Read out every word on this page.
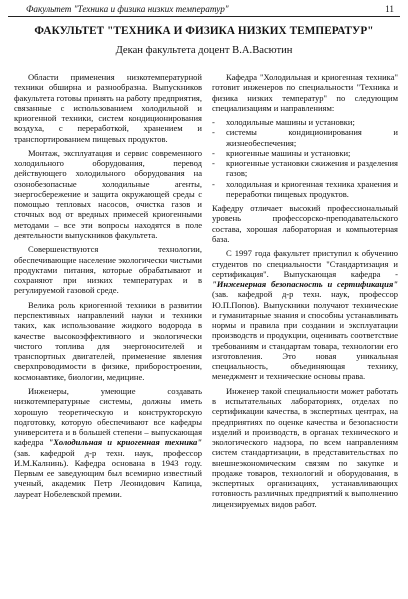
Факультет "Техника и физика низких температур"	11
ФАКУЛЬТЕТ "ТЕХНИКА И ФИЗИКА НИЗКИХ ТЕМПЕРАТУР"
Декан факультета доцент В.А.Васютин

Области применения низкотемпературной техники обширна и разнообразна. Выпускников факультета готовы принять на работу предприятия, связанные с использованием холодильной и криогенной техники, систем кондиционирования воздуха, с переработкой, хранением и транспортированием пищевых продуктов.

Монтаж, эксплуатация и сервис современного холодильного оборудования, перевод действующего холодильного оборудования на озонобезопасные холодильные агенты, энергосбережение и защита окружающей среды с помощью тепловых насосов, очистка газов и сточных вод от вредных примесей криогенными методами – все эти вопросы находятся в поле деятельности выпускников факультета.

Совершенствуются технологии, обеспечивающие население экологически чистыми продуктами питания, которые обрабатывают и сохраняют при низких температурах и в регулируемой газовой среде.

Велика роль криогенной техники в развитии перспективных направлений науки и техники таких, как использование жидкого водорода в качестве высокоэффективного и экологически чистого топлива для энергоносителей и транспортных двигателей, применение явления сверхпроводимости в физике, приборостроении, космонавтике, биологии, медицине.

Инженеры, умеющие создавать низкотемпературные системы, должны иметь хорошую теоретическую и конструкторскую подготовку, которую обеспечивают все кафедры университета и в большей степени – выпускающая кафедра "Холодильная и криогенная техника" (зав. кафедрой д-р техн. наук, профессор И.М.Калнинь). Кафедра основана в 1943 году. Первым ее заведующим был всемирно известный ученый, академик Петр Леонидович Капица, лауреат Нобелевской премии.

Кафедра "Холодильная и криогенная техника" готовит инженеров по специальности "Техника и физика низких температур" по следующим специализациям и направлениям:

- холодильные машины и установки;
- системы кондиционирования и жизнеобеспечения;
- криогенные машины и установки;
- криогенные установки сжижения и разделения газов;
- холодильная и криогенная техника хранения и переработки пищевых продуктов.

Кафедру отличает высокий профессиональный уровень профессорско-преподавательского состава, хорошая лабораторная и компьютерная база.

С 1997 года факультет приступил к обучению студентов по специальности "Стандартизация и сертификация". Выпускающая кафедра - "Инженерная безопасность и сертификация" (зав. кафедрой д-р техн. наук, профессор Ю.П.Попов). Выпускники получают технические и гуманитарные знания и способны устанавливать нормы и правила при создании и эксплуатации производств и продукции, оценивать соответствие требованиям и стандартам товара, технологии его изготовления. Это новая уникальная специальность, объединяющая технику, менеджмент и технические основы права.

Инженер такой специальности может работать в испытательных лабораториях, отделах по сертификации качества, в экспертных центрах, на предприятиях по оценке качества и безопасности изделий и производств, в органах технического и экологического надзора, по всем направлениям систем стандартизации, в представительствах по внешнеэкономическим связям по закупке и продаже товаров, технологий и оборудования, в экспертных организациях, устанавливающих готовность различных предприятий к выполнению лицензируемых видов работ.
